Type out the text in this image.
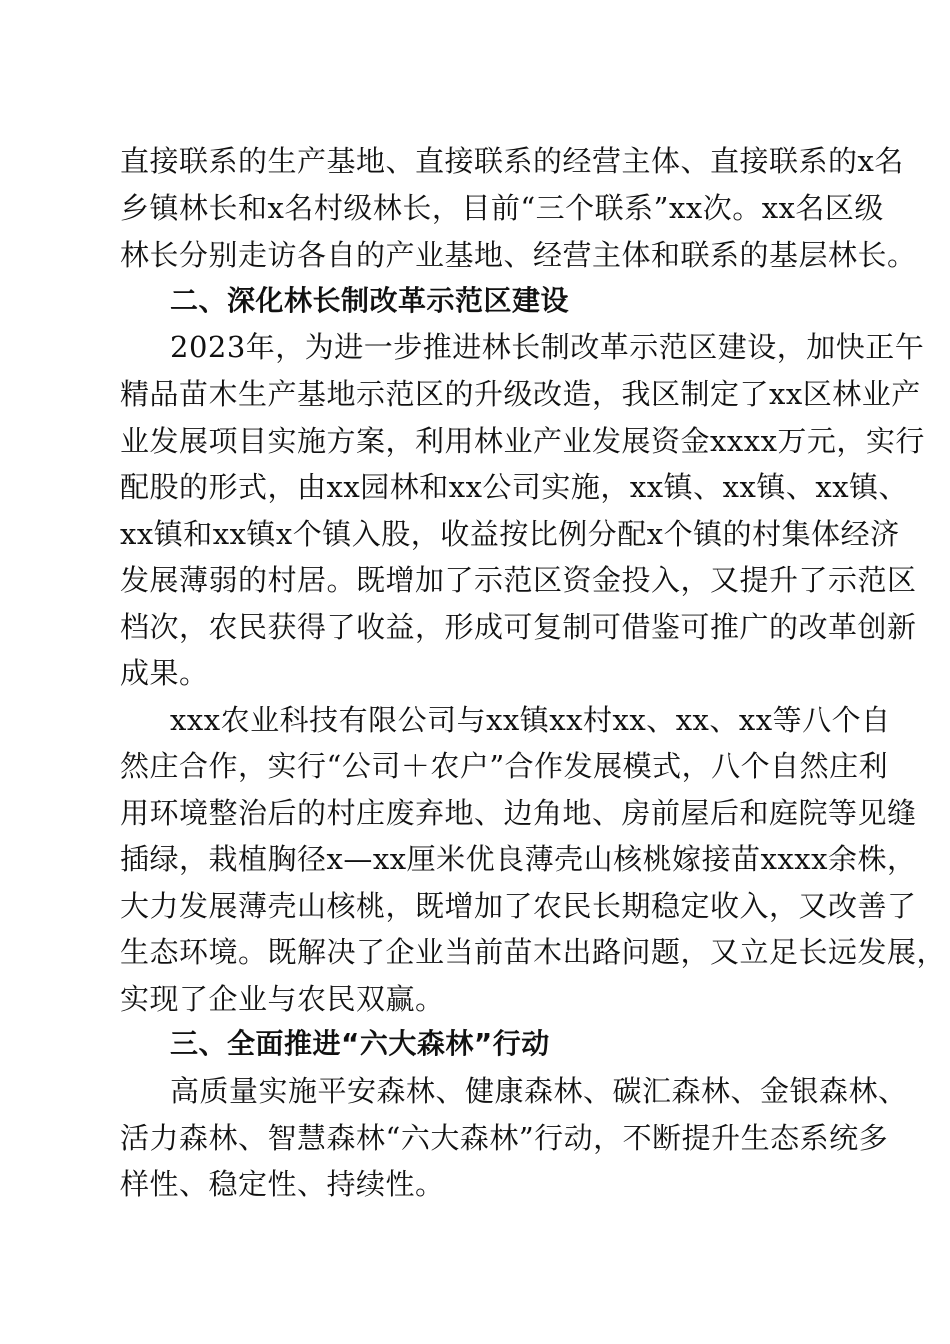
直接联系的生产基地、直接联系的经营主体、直接联系的x名
乡镇林长和x名村级林长，目前“三个联系”xx次。xx名区级
林长分别走访各自的产业基地、经营主体和联系的基层林长。
二、深化林长制改革示范区建设
2023年，为进一步推进林长制改革示范区建设，加快正午
精品苗木生产基地示范区的升级改造，我区制定了xx区林业产
业发展项目实施方案，利用林业产业发展资金xxxx万元，实行
配股的形式，由xx园林和xx公司实施，xx镇、xx镇、xx镇、
xx镇和xx镇x个镇入股，收益按比例分配x个镇的村集体经济
发展薄弱的村居。既增加了示范区资金投入，又提升了示范区
档次，农民获得了收益，形成可复制可借鉴可推广的改革创新
成果。
xxx农业科技有限公司与xx镇xx村xx、xx、xx等八个自
然庄合作，实行“公司＋农户”合作发展模式，八个自然庄利
用环境整治后的村庄废弃地、边角地、房前屋后和庭院等见缝
插绿，栽植胸径x—xx厘米优良薄壳山核桃嫁接苗xxxx余株，
大力发展薄壳山核桃，既增加了农民长期稳定收入，又改善了
生态环境。既解决了企业当前苗木出路问题，又立足长远发展，
实现了企业与农民双赢。
三、全面推进“六大森林”行动
高质量实施平安森林、健康森林、碳汇森林、金银森林、
活力森林、智慧森林“六大森林”行动，不断提升生态系统多
样性、稳定性、持续性。
